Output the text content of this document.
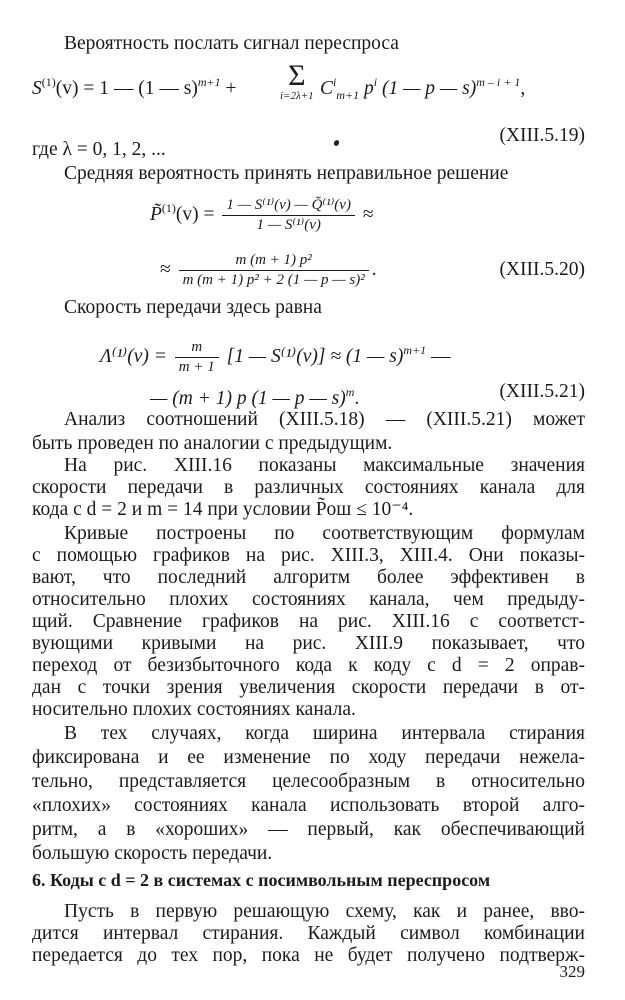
Вероятность послать сигнал переспроса
$S^{(1)}(v) = 1$ — (1 — s)$^{m+1}$ + Σ
i=2λ+1 $C^i_{m+1}$ $p^i$ (1 — p — s)$^{m - i + 1}$,
(XIII.5.19)
где λ = 0, 1, 2, ...
Средняя вероятность принять неправильное решение
P̃$^{(1)}$(v) = $\frac{\text{1 — S⁽¹⁾(v) — Q̃⁽¹⁾(v)}}{\text{1 — S⁽¹⁾(v)}}$ ≈
≈ $\frac{\text{m (m + 1) p²}}{\text{m (m + 1) p² + 2 (1 — p — s)²}}$ .	(XIII.5.20)
Скорость передачи здесь равна
$\Lambda^{(1)}(v) = \frac{m}{m + 1} [1$ — S⁽¹⁾(v)] ≈ (1 — s)$^{m+1}$ —
— (m + 1) p (1 — p — s)$^m$.	(XIII.5.21)
Анализ соотношений (XIII.5.18) — (XIII.5.21) может
быть проведен по аналогии с предыдущим.
На рис. XIII.16 показаны максимальные значения
скорости передачи в различных состояниях канала для
кода с d = 2 и m = 14 при условии P̃ош ≤ 10⁻⁴.
Кривые построены по соответствующим формулам
с помощью графиков на рис. XIII.3, XIII.4. Они показы-
вают, что последний алгоритм более эффективен в
относительно плохих состояниях канала, чем предыду-
щий. Сравнение графиков на рис. XIII.16 с соответст-
вующими кривыми на рис. XIII.9 показывает, что
переход от безизбыточного кода к коду с d = 2 оправ-
дан с точки зрения увеличения скорости передачи в от-
носительно плохих состояниях канала.
В тех случаях, когда ширина интервала стирания
фиксирована и ее изменение по ходу передачи нежела-
тельно, представляется целесообразным в относительно
«плохих» состояниях канала использовать второй алго-
ритм, а в «хороших» — первый, как обеспечивающий
большую скорость передачи.
6. Коды с d = 2 в системах с посимвольным переспросом
Пусть в первую решающую схему, как и ранее, вво-
дится интервал стирания. Каждый символ комбинации
329
передается до тех пор, пока не будет получено подтверж-
